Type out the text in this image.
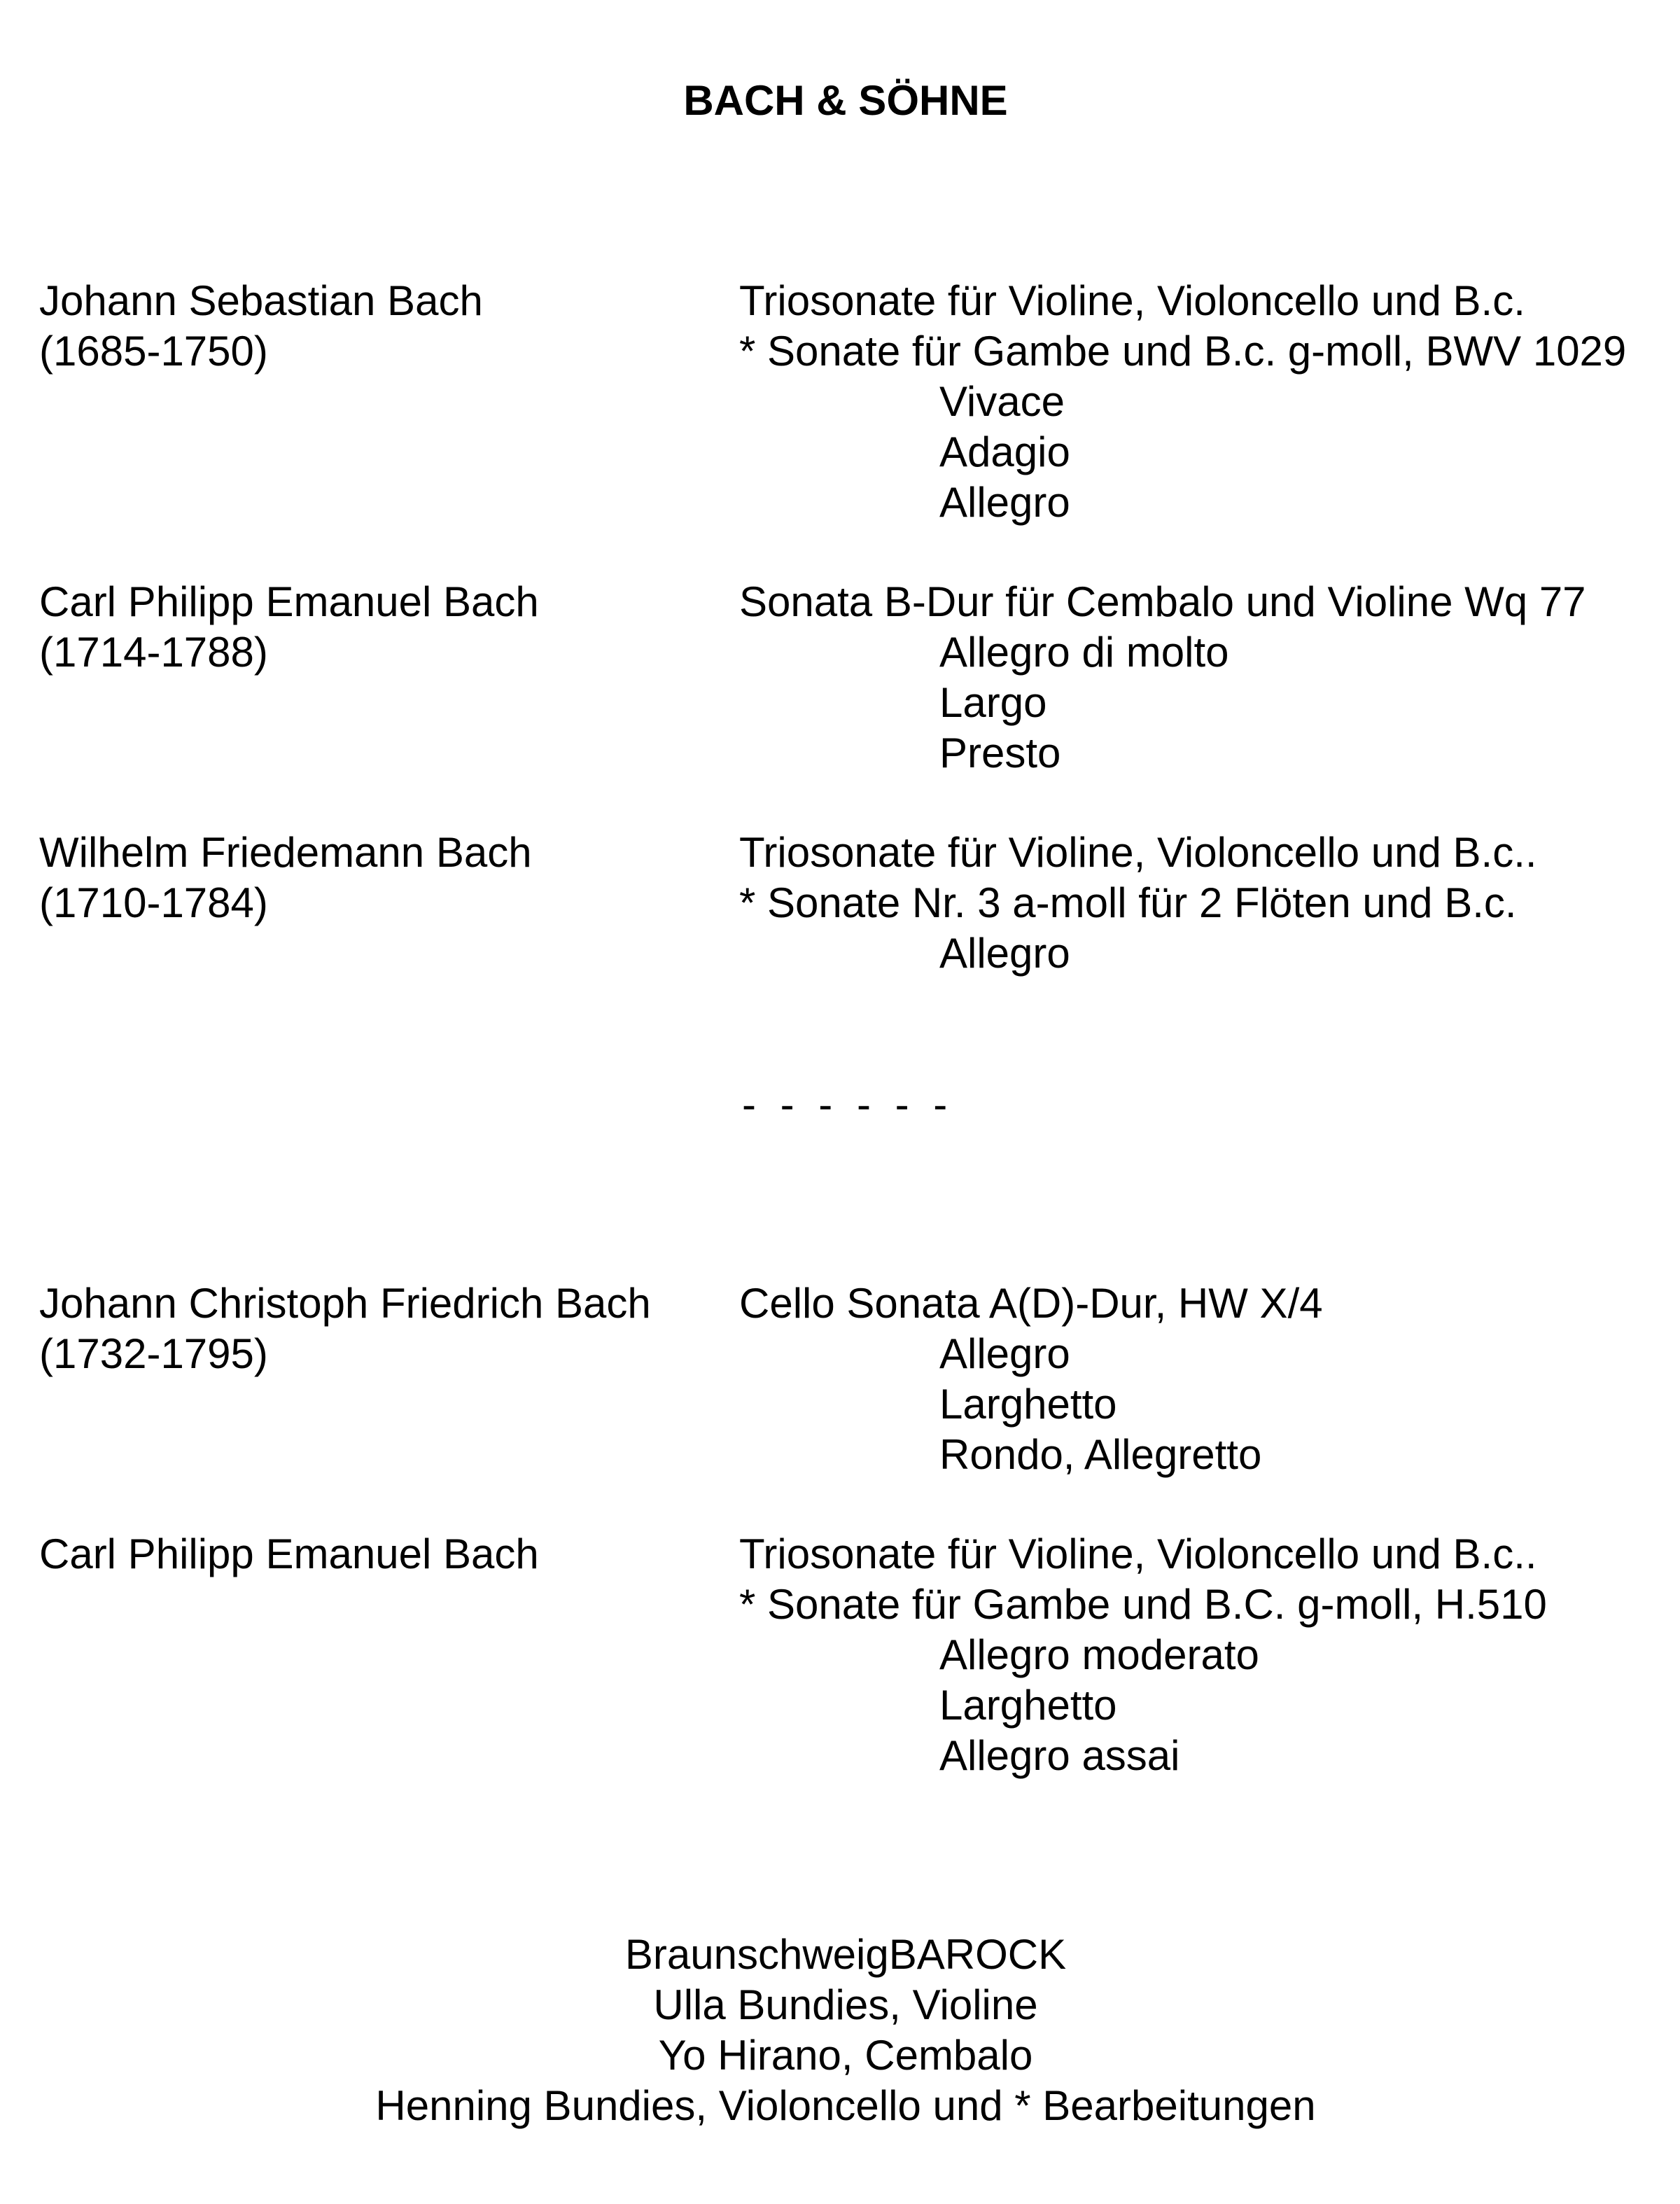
BACH & SÖHNE
Johann Sebastian Bach
(1685-1750)
Triosonate für Violine, Violoncello und B.c.
* Sonate für Gambe und B.c. g-moll, BWV 1029
Vivace
Adagio
Allegro
Carl Philipp Emanuel Bach
(1714-1788)
Sonata B-Dur für Cembalo und Violine Wq 77
Allegro di molto
Largo
Presto
Wilhelm Friedemann Bach
(1710-1784)
Triosonate für Violine, Violoncello und B.c..
* Sonate Nr. 3 a-moll für 2 Flöten und B.c.
Allegro
- - - - - -
Johann Christoph Friedrich Bach
(1732-1795)
Cello Sonata A(D)-Dur, HW X/4
Allegro
Larghetto
Rondo, Allegretto
Carl Philipp Emanuel Bach	Triosonate für Violine, Violoncello und B.c..
* Sonate für Gambe und B.C. g-moll, H.510
Allegro moderato
Larghetto
Allegro assai
BraunschweigBAROCK
Ulla Bundies, Violine
Yo Hirano, Cembalo
Henning Bundies, Violoncello und * Bearbeitungen
